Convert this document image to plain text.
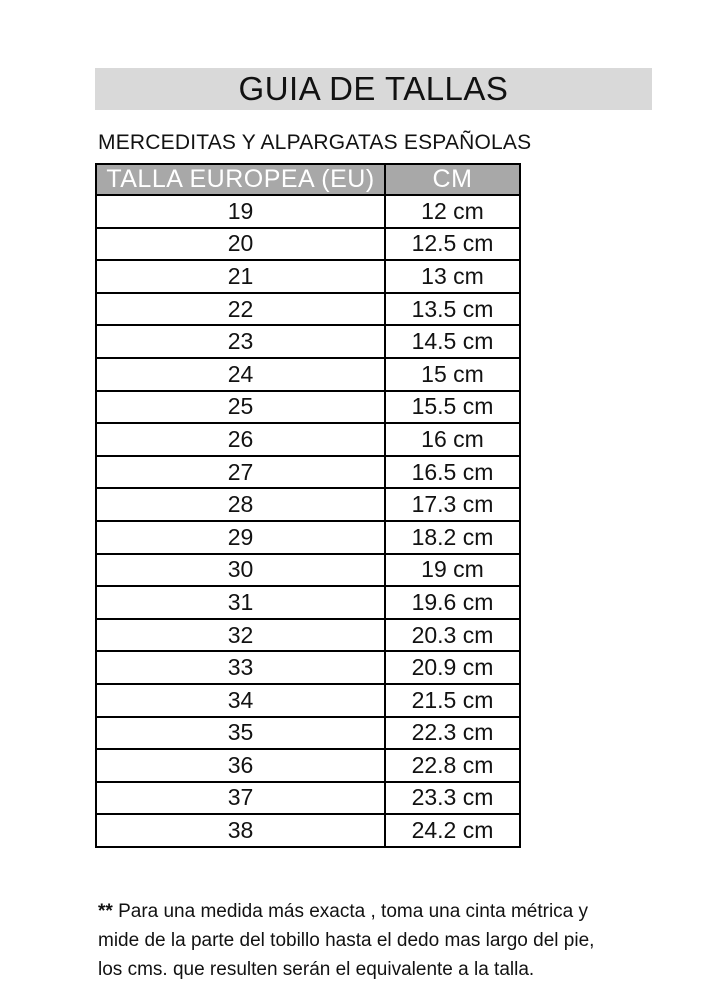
GUIA DE TALLAS
MERCEDITAS Y ALPARGATAS ESPAÑOLAS
TALLA EUROPEA (EU)	CM
19	12 cm
20	12.5 cm
21	13 cm
22	13.5 cm
23	14.5 cm
24	15 cm
25	15.5 cm
26	16 cm
27	16.5 cm
28	17.3 cm
29	18.2 cm
30	19 cm
31	19.6 cm
32	20.3 cm
33	20.9 cm
34	21.5 cm
35	22.3 cm
36	22.8 cm
37	23.3 cm
38	24.2 cm
** Para una medida más exacta , toma una cinta métrica y
mide de la parte del tobillo hasta el dedo mas largo del pie,
los cms. que resulten serán el equivalente a la talla.
